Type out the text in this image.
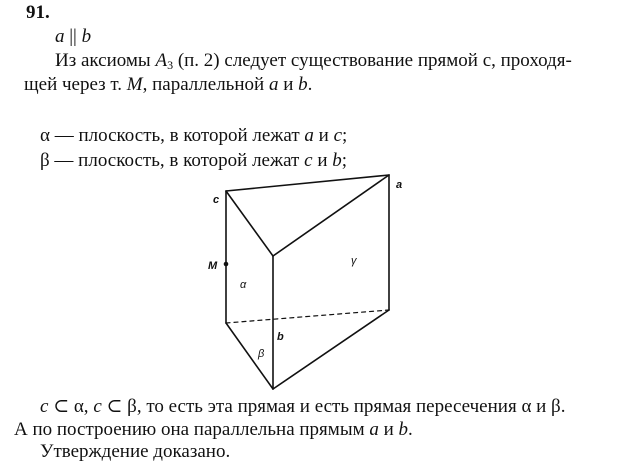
91.
a || b
Из аксиомы $A_3$ (п. 2) следует существование прямой c, проходя-
щей через т. M, параллельной a и b.
α — плоскость, в которой лежат a и c;
β — плоскость, в которой лежат c и b;
c
a
M
α
γ
b
β
c ⊂ α, c ⊂ β, то есть эта прямая и есть прямая пересечения α и β.
А по построению она параллельна прямым a и b.
Утверждение доказано.
